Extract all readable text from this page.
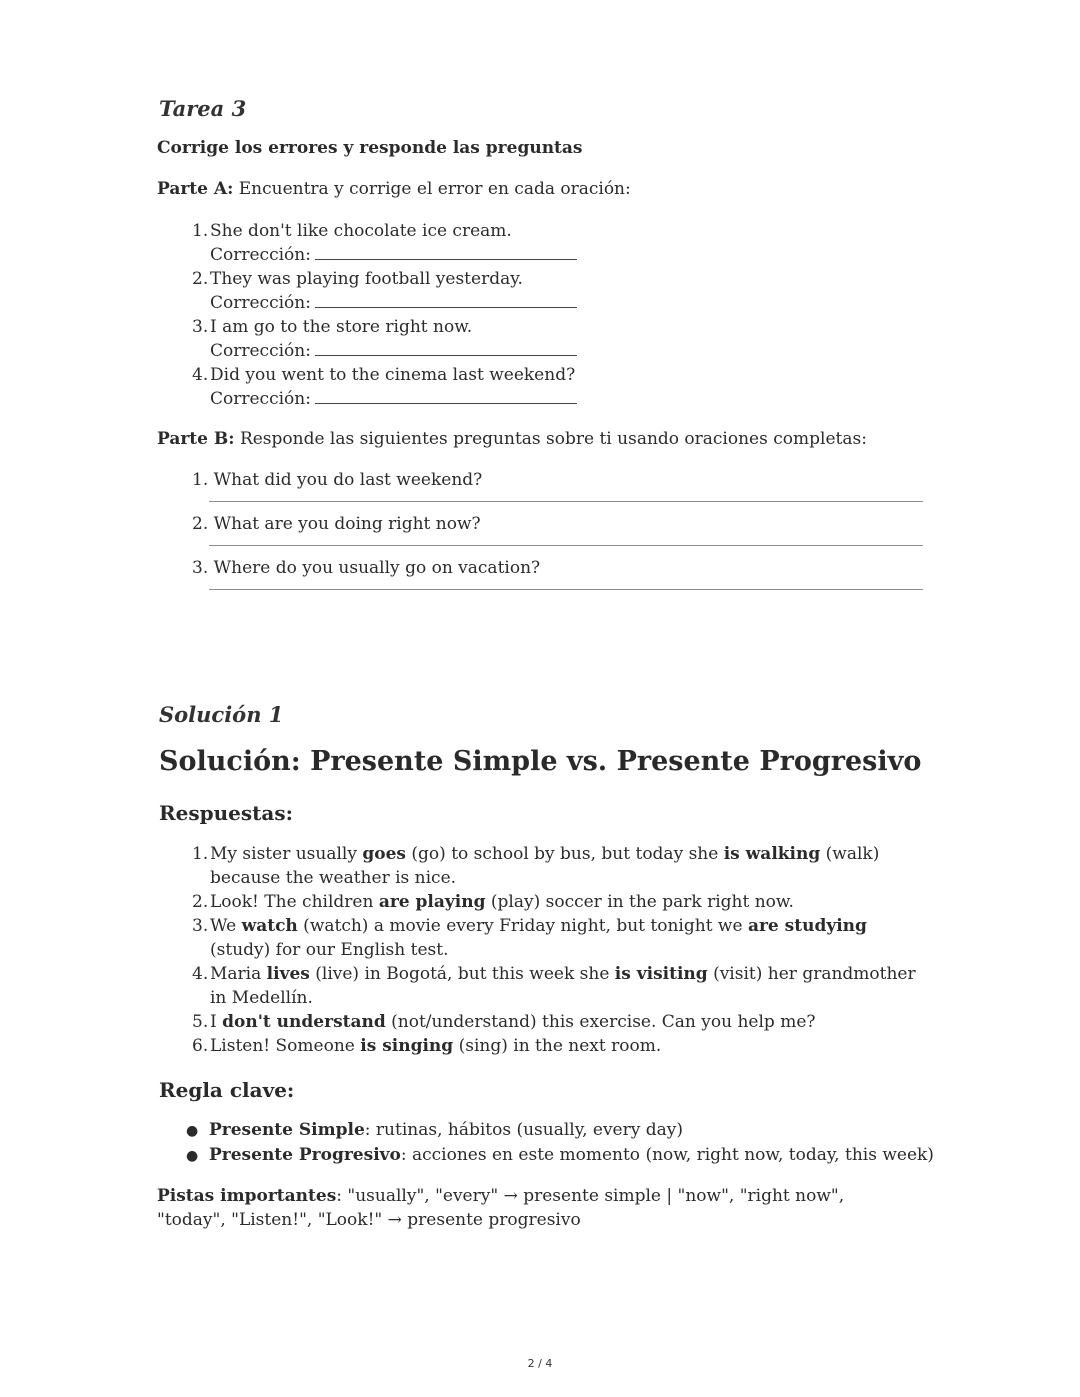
Tarea 3
Corrige los errores y responde las preguntas
Parte A: Encuentra y corrige el error en cada oración:
1. She don't like chocolate ice cream.
Corrección:
2. They was playing football yesterday.
Corrección:
3. I am go to the store right now.
Corrección:
4. Did you went to the cinema last weekend?
Corrección:
Parte B: Responde las siguientes preguntas sobre ti usando oraciones completas:
1. What did you do last weekend?
2. What are you doing right now?
3. Where do you usually go on vacation?
Solución 1
Solución: Presente Simple vs. Presente Progresivo
Respuestas:
1. My sister usually goes (go) to school by bus, but today she is walking (walk) because the weather is nice.
2. Look! The children are playing (play) soccer in the park right now.
3. We watch (watch) a movie every Friday night, but tonight we are studying (study) for our English test.
4. Maria lives (live) in Bogotá, but this week she is visiting (visit) her grandmother in Medellín.
5. I don't understand (not/understand) this exercise. Can you help me?
6. Listen! Someone is singing (sing) in the next room.
Regla clave:
● Presente Simple: rutinas, hábitos (usually, every day)
● Presente Progresivo: acciones en este momento (now, right now, today, this week)
Pistas importantes: "usually", "every" → presente simple | "now", "right now", "today", "Listen!", "Look!" → presente progresivo
2 / 4
